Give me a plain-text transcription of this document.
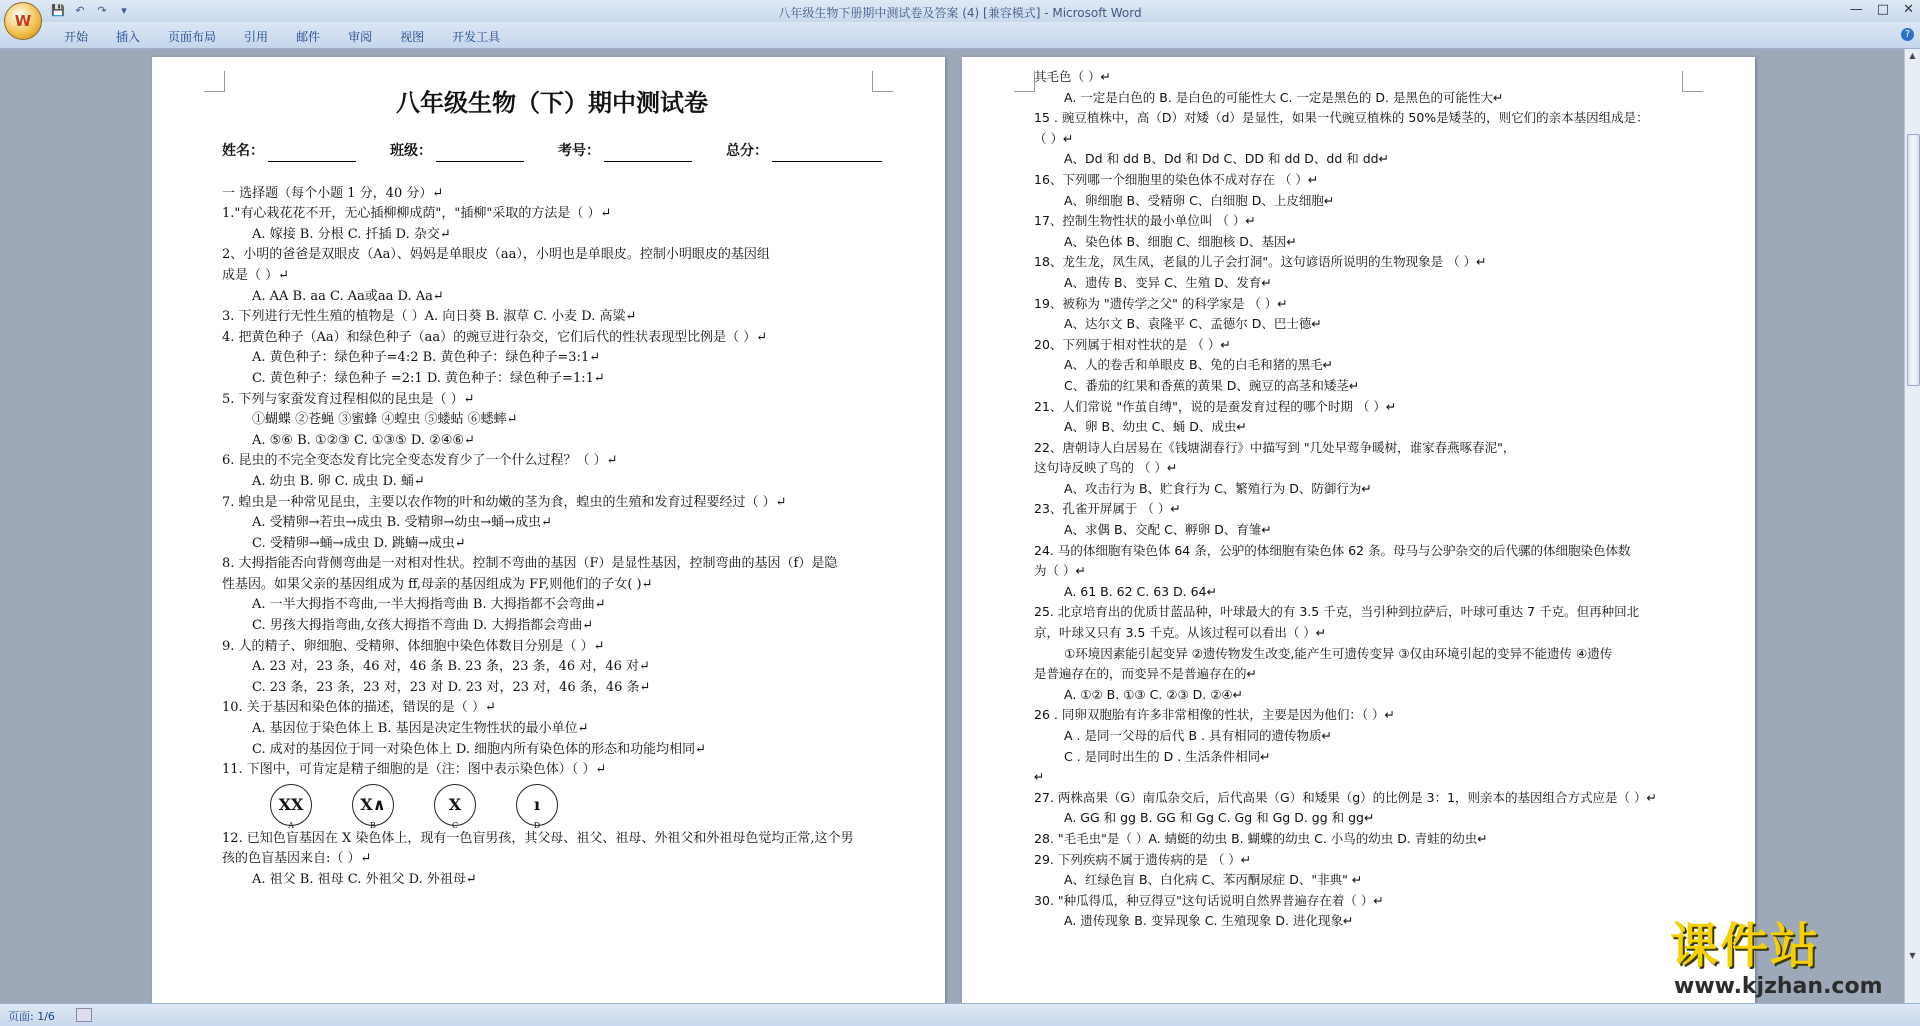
八年级生物下册期中测试卷及答案 (4) [兼容模式] - Microsoft Word
💾 ↶	↷	▾	— □ ✕
W
开始	插入	页面布局	引用	邮件	审阅	视图	开发工具	?

八年级生物（下）期中测试卷

姓名：	班级：	考号：	总分：

一 选择题（每个小题 1 分，40 分）↵

1."有心栽花花不开，无心插柳柳成荫"，"插柳"采取的方法是（ ）↵

A. 嫁接 B. 分根 C. 扦插 D. 杂交↵

2、小明的爸爸是双眼皮（Aa）、妈妈是单眼皮（aa），小明也是单眼皮。控制小明眼皮的基因组

成是（ ）↵

A. AA B. aa C. Aa或aa D. Aa↵

3. 下列进行无性生殖的植物是（ ）A. 向日葵 B. 淑草 C. 小麦 D. 高粱↵

4. 把黄色种子（Aa）和绿色种子（aa）的豌豆进行杂交，它们后代的性状表现型比例是（ ）↵

A. 黄色种子：绿色种子=4:2 B. 黄色种子：绿色种子=3:1↵

C. 黄色种子：绿色种子 =2:1 D. 黄色种子：绿色种子=1:1↵

5. 下列与家蚕发育过程相似的昆虫是（ ）↵

①蝴蝶 ②苍蝇 ③蜜蜂 ④蝗虫 ⑤蝼蛄 ⑥蟋蟀↵

A. ⑤⑥ B. ①②③ C. ①③⑤ D. ②④⑥↵

6. 昆虫的不完全变态发育比完全变态发育少了一个什么过程？（ ）↵

A. 幼虫 B. 卵 C. 成虫 D. 蛹↵

7. 蝗虫是一种常见昆虫，主要以农作物的叶和幼嫩的茎为食，蝗虫的生殖和发育过程要经过（ ）↵

A. 受精卵→若虫→成虫 B. 受精卵→幼虫→蛹→成虫↵

C. 受精卵→蛹→成虫 D. 跳蝻→成虫↵

8. 大拇指能否向背侧弯曲是一对相对性状。控制不弯曲的基因（F）是显性基因，控制弯曲的基因（f）是隐

性基因。如果父亲的基因组成为 ff,母亲的基因组成为 FF,则他们的子女( )↵

A. 一半大拇指不弯曲,一半大拇指弯曲 B. 大拇指都不会弯曲↵

C. 男孩大拇指弯曲,女孩大拇指不弯曲 D. 大拇指都会弯曲↵

9. 人的精子、卵细胞、受精卵、体细胞中染色体数目分别是（ ）↵

A. 23 对，23 条，46 对，46 条 B. 23 条，23 条，46 对，46 对↵

C. 23 条，23 条，23 对，23 对 D. 23 对，23 对，46 条，46 条↵

10. 关于基因和染色体的描述，错误的是（ ）↵

A. 基因位于染色体上 B. 基因是决定生物性状的最小单位↵

C. 成对的基因位于同一对染色体上 D. 细胞内所有染色体的形态和功能均相同↵

11. 下图中，可肯定是精子细胞的是（注：图中表示染色体）（ ）↵

XX
A
X∧
B
X
C
ı
D

12. 已知色盲基因在 X 染色体上，现有一色盲男孩，其父母、祖父、祖母、外祖父和外祖母色觉均正常,这个男

孩的色盲基因来自:（ ）↵

A. 祖父 B. 祖母 C. 外祖父 D. 外祖母↵

其毛色（ ）↵

A. 一定是白色的 B. 是白色的可能性大 C. 一定是黑色的 D. 是黑色的可能性大↵

15 . 豌豆植株中，高（D）对矮（d）是显性，如果一代豌豆植株的 50%是矮茎的，则它们的亲本基因组成是：

（ ）↵

A、Dd 和 dd B、Dd 和 Dd C、DD 和 dd D、dd 和 dd↵

16、下列哪一个细胞里的染色体不成对存在 （ ）↵

A、卵细胞 B、受精卵 C、白细胞 D、上皮细胞↵

17、控制生物性状的最小单位叫 （ ）↵

A、染色体 B、细胞 C、细胞核 D、基因↵

18、龙生龙，凤生凤，老鼠的儿子会打洞"。这句谚语所说明的生物现象是 （ ）↵

A、遗传 B、变异 C、生殖 D、发育↵

19、被称为 "遗传学之父" 的科学家是 （ ）↵

A、达尔文 B、袁隆平 C、孟德尔 D、巴士德↵

20、下列属于相对性状的是 （ ）↵

A、人的卷舌和单眼皮 B、兔的白毛和猪的黑毛↵

C、番茄的红果和香蕉的黄果 D、豌豆的高茎和矮茎↵

21、人们常说 "作茧自缚"，说的是蚕发育过程的哪个时期 （ ）↵

A、卵 B、幼虫 C、蛹 D、成虫↵

22、唐朝诗人白居易在《钱塘湖春行》中描写到 "几处早莺争暖树，谁家春燕啄春泥"，

这句诗反映了鸟的 （ ）↵

A、攻击行为 B、贮食行为 C、繁殖行为 D、防御行为↵

23、孔雀开屏属于 （ ）↵

A、求偶 B、交配 C、孵卵 D、育雏↵

24. 马的体细胞有染色体 64 条，公驴的体细胞有染色体 62 条。母马与公驴杂交的后代骡的体细胞染色体数

为（ ）↵

A. 61 B. 62 C. 63 D. 64↵

25. 北京培育出的优质甘蓝品种，叶球最大的有 3.5 千克，当引种到拉萨后，叶球可重达 7 千克。但再种回北

京，叶球又只有 3.5 千克。从该过程可以看出（ ）↵

①环境因素能引起变异 ②遗传物发生改变,能产生可遗传变异 ③仅由环境引起的变异不能遗传 ④遗传

是普遍存在的，而变异不是普遍存在的↵

A. ①② B. ①③ C. ②③ D. ②④↵

26 . 同卵双胞胎有许多非常相像的性状，主要是因为他们：（ ）↵

A . 是同一父母的后代 B . 具有相同的遗传物质↵

C . 是同时出生的 D . 生活条件相同↵

↵

27. 两株高果（G）南瓜杂交后，后代高果（G）和矮果（g）的比例是 3：1，则亲本的基因组合方式应是（ ）↵

A. GG 和 gg B. GG 和 Gg C. Gg 和 Gg D. gg 和 gg↵

28. "毛毛虫"是（ ）A. 蜻蜓的幼虫 B. 蝴蝶的幼虫 C. 小鸟的幼虫 D. 青蛙的幼虫↵

29. 下列疾病不属于遗传病的是 （ ）↵

A、红绿色盲 B、白化病 C、苯丙酮尿症 D、"非典" ↵

30. "种瓜得瓜，种豆得豆"这句话说明自然界普遍存在着（ ）↵

A. 遗传现象 B. 变异现象 C. 生殖现象 D. 进化现象↵

▲
▼
页面: 1/6
课件站
www.kjzhan.com
